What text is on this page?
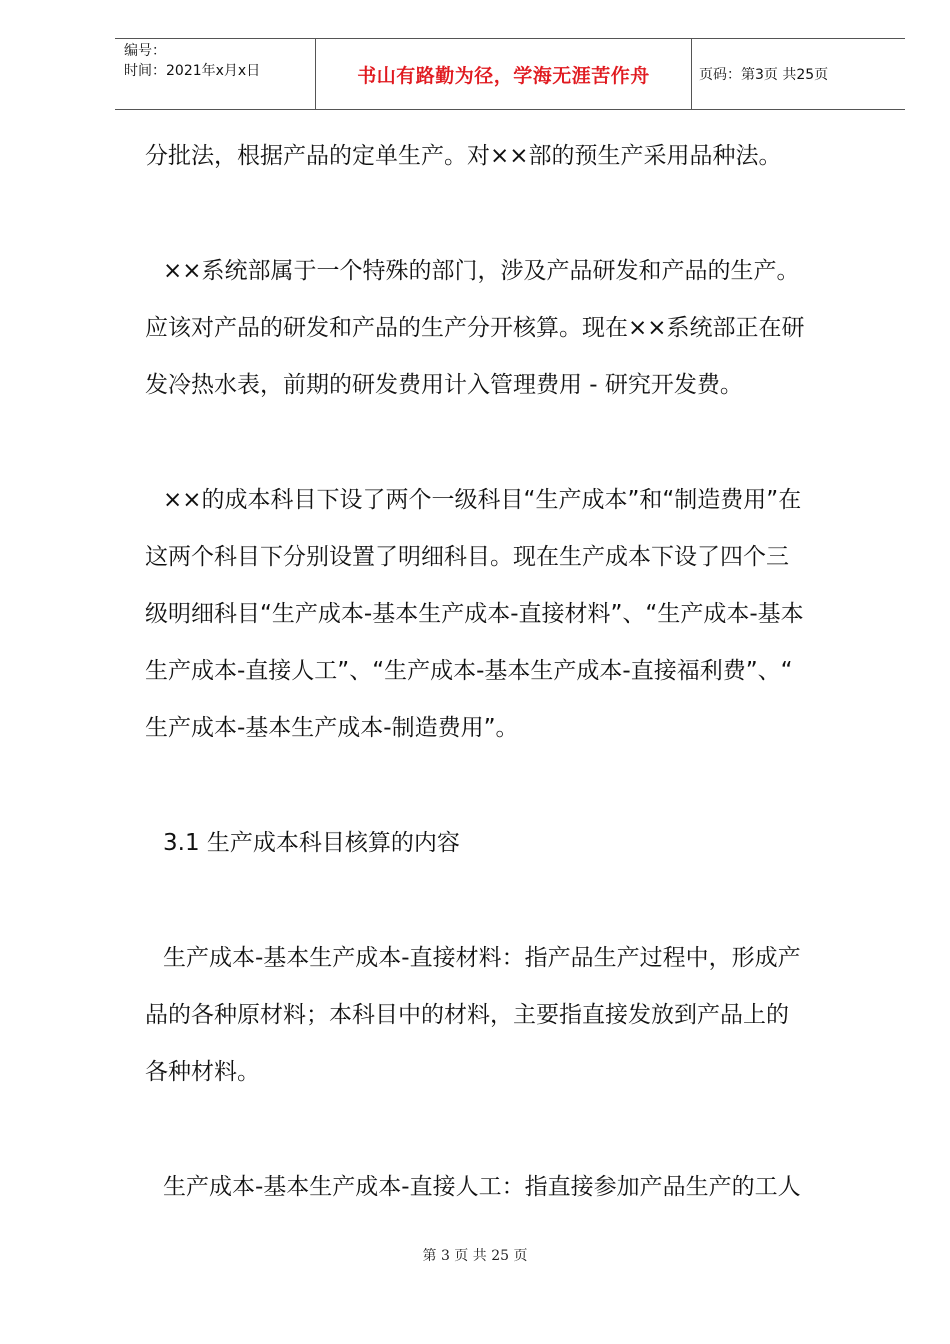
编号：
时间：2021年x月x日	书山有路勤为径，学海无涯苦作舟	页码：第3页 共25页
分批法，根据产品的定单生产。对××部的预生产采用品种法。
××系统部属于一个特殊的部门，涉及产品研发和产品的生产。
应该对产品的研发和产品的生产分开核算。现在××系统部正在研
发冷热水表，前期的研发费用计入管理费用 - 研究开发费。
××的成本科目下设了两个一级科目“生产成本”和“制造费用”在
这两个科目下分别设置了明细科目。现在生产成本下设了四个三
级明细科目“生产成本-基本生产成本-直接材料”、“生产成本-基本
生产成本-直接人工”、“生产成本-基本生产成本-直接福利费”、“
生产成本-基本生产成本-制造费用”。
3.1 生产成本科目核算的内容
生产成本-基本生产成本-直接材料：指产品生产过程中，形成产
品的各种原材料；本科目中的材料，主要指直接发放到产品上的
各种材料。
生产成本-基本生产成本-直接人工：指直接参加产品生产的工人
第 3 页 共 25 页
